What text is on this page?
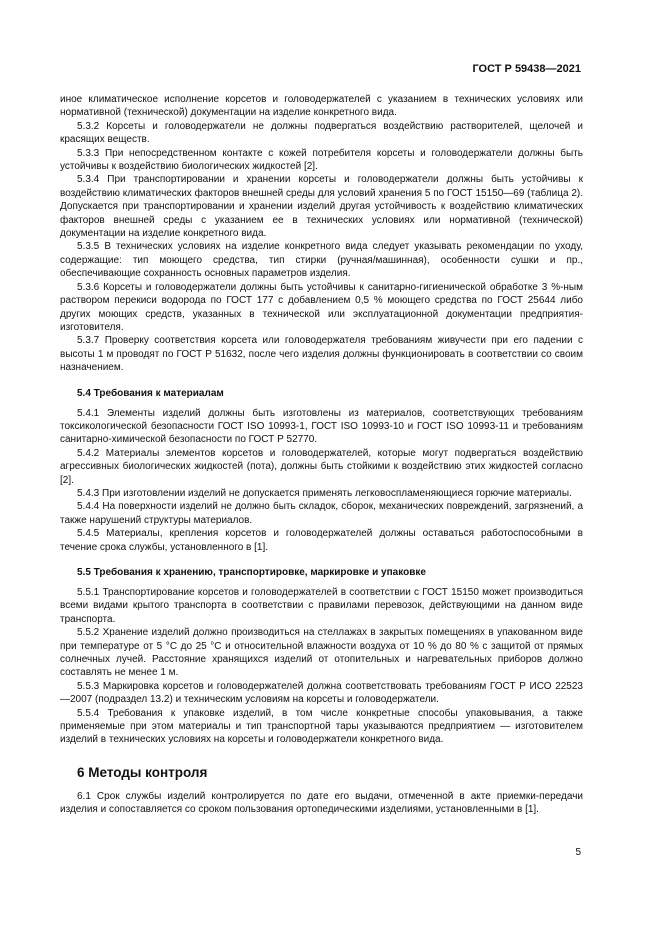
ГОСТ Р 59438—2021

иное климатическое исполнение корсетов и головодержателей с указанием в технических условиях или нормативной (технической) документации на изделие конкретного вида.

5.3.2 Корсеты и головодержатели не должны подвергаться воздействию растворителей, щелочей и красящих веществ.

5.3.3 При непосредственном контакте с кожей потребителя корсеты и головодержатели должны быть устойчивы к воздействию биологических жидкостей [2].

5.3.4 При транспортировании и хранении корсеты и головодержатели должны быть устойчивы к воздействию климатических факторов внешней среды для условий хранения 5 по ГОСТ 15150—69 (таблица 2). Допускается при транспортировании и хранении изделий другая устойчивость к воздействию климатических факторов внешней среды с указанием ее в технических условиях или нормативной (технической) документации на изделие конкретного вида.

5.3.5 В технических условиях на изделие конкретного вида следует указывать рекомендации по уходу, содержащие: тип моющего средства, тип стирки (ручная/машинная), особенности сушки и пр., обеспечивающие сохранность основных параметров изделия.

5.3.6 Корсеты и головодержатели должны быть устойчивы к санитарно-гигиенической обработке 3 %-ным раствором перекиси водорода по ГОСТ 177 с добавлением 0,5 % моющего средства по ГОСТ 25644 либо других моющих средств, указанных в технической или эксплуатационной документации предприятия-изготовителя.

5.3.7 Проверку соответствия корсета или головодержателя требованиям живучести при его падении с высоты 1 м проводят по ГОСТ Р 51632, после чего изделия должны функционировать в соответствии со своим назначением.

5.4 Требования к материалам

5.4.1 Элементы изделий должны быть изготовлены из материалов, соответствующих требованиям токсикологической безопасности ГОСТ ISO 10993-1, ГОСТ ISO 10993-10 и ГОСТ ISO 10993-11 и требованиям санитарно-химической безопасности по ГОСТ Р 52770.

5.4.2 Материалы элементов корсетов и головодержателей, которые могут подвергаться воздействию агрессивных биологических жидкостей (пота), должны быть стойкими к воздействию этих жидкостей согласно [2].

5.4.3 При изготовлении изделий не допускается применять легковоспламеняющиеся горючие материалы.

5.4.4 На поверхности изделий не должно быть складок, сборок, механических повреждений, загрязнений, а также нарушений структуры материалов.

5.4.5 Материалы, крепления корсетов и головодержателей должны оставаться работоспособными в течение срока службы, установленного в [1].

5.5 Требования к хранению, транспортировке, маркировке и упаковке

5.5.1 Транспортирование корсетов и головодержателей в соответствии с ГОСТ 15150 может производиться всеми видами крытого транспорта в соответствии с правилами перевозок, действующими на данном виде транспорта.

5.5.2 Хранение изделий должно производиться на стеллажах в закрытых помещениях в упакованном виде при температуре от 5 °С до 25 °С и относительной влажности воздуха от 10 % до 80 % с защитой от прямых солнечных лучей. Расстояние хранящихся изделий от отопительных и нагревательных приборов должно составлять не менее 1 м.

5.5.3 Маркировка корсетов и головодержателей должна соответствовать требованиям ГОСТ Р ИСО 22523—2007 (подраздел 13.2) и техническим условиям на корсеты и головодержатели.

5.5.4 Требования к упаковке изделий, в том числе конкретные способы упаковывания, а также применяемые при этом материалы и тип транспортной тары указываются предприятием — изготовителем изделий в технических условиях на корсеты и головодержатели конкретного вида.

6 Методы контроля

6.1 Срок службы изделий контролируется по дате его выдачи, отмеченной в акте приемки-передачи изделия и сопоставляется со сроком пользования ортопедическими изделиями, установленными в [1].

5
